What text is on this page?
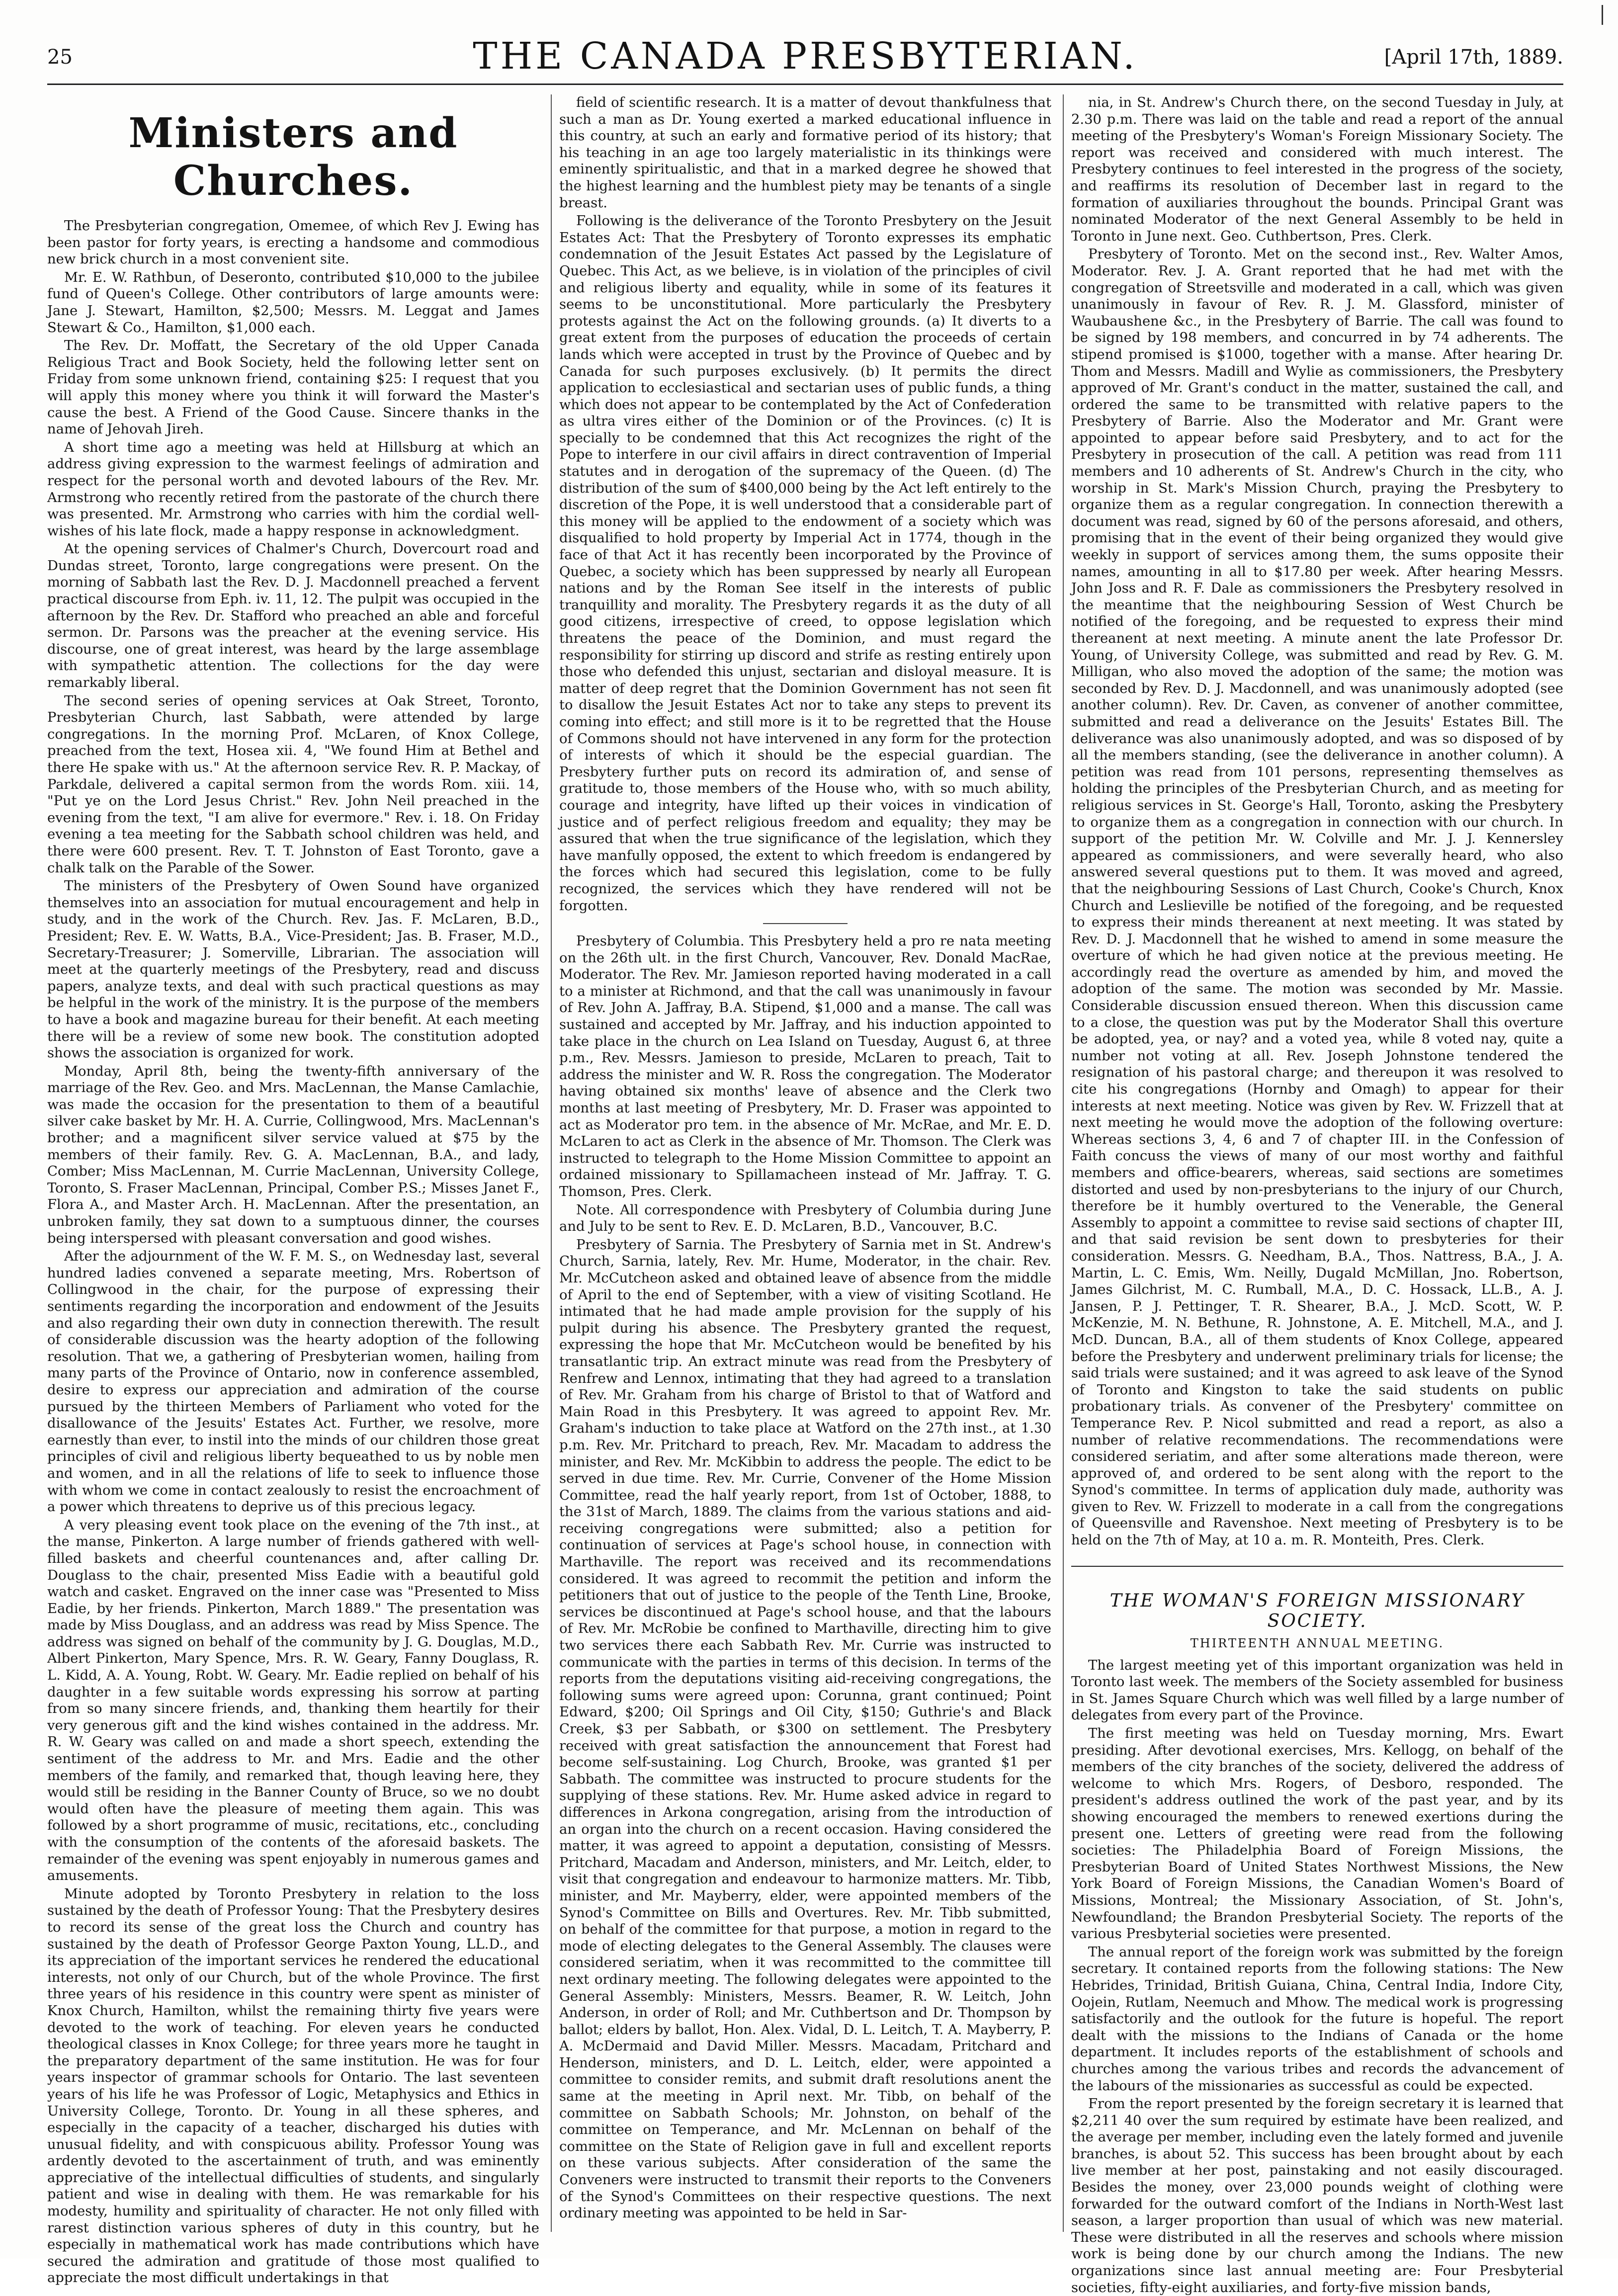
25	THE CANADA PRESBYTERIAN.	[April 17th, 1889.
Ministers and Churches.

The Presbyterian congregation, Omemee, of which Rev J. Ewing has been pastor for forty years, is erecting a handsome and commodious new brick church in a most convenient site.

Mr. E. W. Rathbun, of Deseronto, contributed $10,000 to the jubilee fund of Queen's College. Other contributors of large amounts were: Jane J. Stewart, Hamilton, $2,500; Messrs. M. Leggat and James Stewart & Co., Hamilton, $1,000 each.

The Rev. Dr. Moffatt, the Secretary of the old Upper Canada Religious Tract and Book Society, held the following letter sent on Friday from some unknown friend, containing $25: I request that you will apply this money where you think it will forward the Master's cause the best. A Friend of the Good Cause. Sincere thanks in the name of Jehovah Jireh.

A short time ago a meeting was held at Hillsburg at which an address giving expression to the warmest feelings of admiration and respect for the personal worth and devoted labours of the Rev. Mr. Armstrong who recently retired from the pastorate of the church there was presented. Mr. Armstrong who carries with him the cordial well-wishes of his late flock, made a happy response in acknowledgment.

At the opening services of Chalmer's Church, Dovercourt road and Dundas street, Toronto, large congregations were present. On the morning of Sabbath last the Rev. D. J. Macdonnell preached a fervent practical discourse from Eph. iv. 11, 12. The pulpit was occupied in the afternoon by the Rev. Dr. Stafford who preached an able and forceful sermon. Dr. Parsons was the preacher at the evening service. His discourse, one of great interest, was heard by the large assemblage with sympathetic attention. The collections for the day were remarkably liberal.

The second series of opening services at Oak Street, Toronto, Presbyterian Church, last Sabbath, were attended by large congregations. In the morning Prof. McLaren, of Knox College, preached from the text, Hosea xii. 4, "We found Him at Bethel and there He spake with us." At the afternoon service Rev. R. P. Mackay, of Parkdale, delivered a capital sermon from the words Rom. xiii. 14, "Put ye on the Lord Jesus Christ." Rev. John Neil preached in the evening from the text, "I am alive for evermore." Rev. i. 18. On Friday evening a tea meeting for the Sabbath school children was held, and there were 600 present. Rev. T. T. Johnston of East Toronto, gave a chalk talk on the Parable of the Sower.

The ministers of the Presbytery of Owen Sound have organized themselves into an association for mutual encouragement and help in study, and in the work of the Church. Rev. Jas. F. McLaren, B.D., President; Rev. E. W. Watts, B.A., Vice-President; Jas. B. Fraser, M.D., Secretary-Treasurer; J. Somerville, Librarian. The association will meet at the quarterly meetings of the Presbytery, read and discuss papers, analyze texts, and deal with such practical questions as may be helpful in the work of the ministry. It is the purpose of the members to have a book and magazine bureau for their benefit. At each meeting there will be a review of some new book. The constitution adopted shows the association is organized for work.

Monday, April 8th, being the twenty-fifth anniversary of the marriage of the Rev. Geo. and Mrs. MacLennan, the Manse Camlachie, was made the occasion for the presentation to them of a beautiful silver cake basket by Mr. H. A. Currie, Collingwood, Mrs. MacLennan's brother; and a magnificent silver service valued at $75 by the members of their family. Rev. G. A. MacLennan, B.A., and lady, Comber; Miss MacLennan, M. Currie MacLennan, University College, Toronto, S. Fraser MacLennan, Principal, Comber P.S.; Misses Janet F., Flora A., and Master Arch. H. MacLennan. After the presentation, an unbroken family, they sat down to a sumptuous dinner, the courses being interspersed with pleasant conversation and good wishes.

After the adjournment of the W. F. M. S., on Wednesday last, several hundred ladies convened a separate meeting, Mrs. Robertson of Collingwood in the chair, for the purpose of expressing their sentiments regarding the incorporation and endowment of the Jesuits and also regarding their own duty in connection therewith. The result of considerable discussion was the hearty adoption of the following resolution. That we, a gathering of Presbyterian women, hailing from many parts of the Province of Ontario, now in conference assembled, desire to express our appreciation and admiration of the course pursued by the thirteen Members of Parliament who voted for the disallowance of the Jesuits' Estates Act. Further, we resolve, more earnestly than ever, to instil into the minds of our children those great principles of civil and religious liberty bequeathed to us by noble men and women, and in all the relations of life to seek to influence those with whom we come in contact zealously to resist the encroachment of a power which threatens to deprive us of this precious legacy.

A very pleasing event took place on the evening of the 7th inst., at the manse, Pinkerton. A large number of friends gathered with well-filled baskets and cheerful countenances and, after calling Dr. Douglass to the chair, presented Miss Eadie with a beautiful gold watch and casket. Engraved on the inner case was "Presented to Miss Eadie, by her friends. Pinkerton, March 1889." The presentation was made by Miss Douglass, and an address was read by Miss Spence. The address was signed on behalf of the community by J. G. Douglas, M.D., Albert Pinkerton, Mary Spence, Mrs. R. W. Geary, Fanny Douglass, R. L. Kidd, A. A. Young, Robt. W. Geary. Mr. Eadie replied on behalf of his daughter in a few suitable words expressing his sorrow at parting from so many sincere friends, and, thanking them heartily for their very generous gift and the kind wishes contained in the address. Mr. R. W. Geary was called on and made a short speech, extending the sentiment of the address to Mr. and Mrs. Eadie and the other members of the family, and remarked that, though leaving here, they would still be residing in the Banner County of Bruce, so we no doubt would often have the pleasure of meeting them again. This was followed by a short programme of music, recitations, etc., concluding with the consumption of the contents of the aforesaid baskets. The remainder of the evening was spent enjoyably in numerous games and amusements.

Minute adopted by Toronto Presbytery in relation to the loss sustained by the death of Professor Young: That the Presbytery desires to record its sense of the great loss the Church and country has sustained by the death of Professor George Paxton Young, LL.D., and its appreciation of the important services he rendered the educational interests, not only of our Church, but of the whole Province. The first three years of his residence in this country were spent as minister of Knox Church, Hamilton, whilst the remaining thirty five years were devoted to the work of teaching. For eleven years he conducted theological classes in Knox College; for three years more he taught in the preparatory department of the same institution. He was for four years inspector of grammar schools for Ontario. The last seventeen years of his life he was Professor of Logic, Metaphysics and Ethics in University College, Toronto. Dr. Young in all these spheres, and especially in the capacity of a teacher, discharged his duties with unusual fidelity, and with conspicuous ability. Professor Young was ardently devoted to the ascertainment of truth, and was eminently appreciative of the intellectual difficulties of students, and singularly patient and wise in dealing with them. He was remarkable for his modesty, humility and spirituality of character. He not only filled with rarest distinction various spheres of duty in this country, but he especially in mathematical work has made contributions which have secured the admiration and gratitude of those most qualified to appreciate the most difficult undertakings in that

field of scientific research. It is a matter of devout thankfulness that such a man as Dr. Young exerted a marked educational influence in this country, at such an early and formative period of its history; that his teaching in an age too largely materialistic in its thinkings were eminently spiritualistic, and that in a marked degree he showed that the highest learning and the humblest piety may be tenants of a single breast.

Following is the deliverance of the Toronto Presbytery on the Jesuit Estates Act: That the Presbytery of Toronto expresses its emphatic condemnation of the Jesuit Estates Act passed by the Legislature of Quebec. This Act, as we believe, is in violation of the principles of civil and religious liberty and equality, while in some of its features it seems to be unconstitutional. More particularly the Presbytery protests against the Act on the following grounds. (a) It diverts to a great extent from the purposes of education the proceeds of certain lands which were accepted in trust by the Province of Quebec and by Canada for such purposes exclusively. (b) It permits the direct application to ecclesiastical and sectarian uses of public funds, a thing which does not appear to be contemplated by the Act of Confederation as ultra vires either of the Dominion or of the Provinces. (c) It is specially to be condemned that this Act recognizes the right of the Pope to interfere in our civil affairs in direct contravention of Imperial statutes and in derogation of the supremacy of the Queen. (d) The distribution of the sum of $400,000 being by the Act left entirely to the discretion of the Pope, it is well understood that a considerable part of this money will be applied to the endowment of a society which was disqualified to hold property by Imperial Act in 1774, though in the face of that Act it has recently been incorporated by the Province of Quebec, a society which has been suppressed by nearly all European nations and by the Roman See itself in the interests of public tranquillity and morality. The Presbytery regards it as the duty of all good citizens, irrespective of creed, to oppose legislation which threatens the peace of the Dominion, and must regard the responsibility for stirring up discord and strife as resting entirely upon those who defended this unjust, sectarian and disloyal measure. It is matter of deep regret that the Dominion Government has not seen fit to disallow the Jesuit Estates Act nor to take any steps to prevent its coming into effect; and still more is it to be regretted that the House of Commons should not have intervened in any form for the protection of interests of which it should be the especial guardian. The Presbytery further puts on record its admiration of, and sense of gratitude to, those members of the House who, with so much ability, courage and integrity, have lifted up their voices in vindication of justice and of perfect religious freedom and equality; they may be assured that when the true significance of the legislation, which they have manfully opposed, the extent to which freedom is endangered by the forces which had secured this legislation, come to be fully recognized, the services which they have rendered will not be forgotten.

Presbytery of Columbia. This Presbytery held a pro re nata meeting on the 26th ult. in the first Church, Vancouver, Rev. Donald MacRae, Moderator. The Rev. Mr. Jamieson reported having moderated in a call to a minister at Richmond, and that the call was unanimously in favour of Rev. John A. Jaffray, B.A. Stipend, $1,000 and a manse. The call was sustained and accepted by Mr. Jaffray, and his induction appointed to take place in the church on Lea Island on Tuesday, August 6, at three p.m., Rev. Messrs. Jamieson to preside, McLaren to preach, Tait to address the minister and W. R. Ross the congregation. The Moderator having obtained six months' leave of absence and the Clerk two months at last meeting of Presbytery, Mr. D. Fraser was appointed to act as Moderator pro tem. in the absence of Mr. McRae, and Mr. E. D. McLaren to act as Clerk in the absence of Mr. Thomson. The Clerk was instructed to telegraph to the Home Mission Committee to appoint an ordained missionary to Spillamacheen instead of Mr. Jaffray. T. G. Thomson, Pres. Clerk.

Note. All correspondence with Presbytery of Columbia during June and July to be sent to Rev. E. D. McLaren, B.D., Vancouver, B.C.

Presbytery of Sarnia. The Presbytery of Sarnia met in St. Andrew's Church, Sarnia, lately, Rev. Mr. Hume, Moderator, in the chair. Rev. Mr. McCutcheon asked and obtained leave of absence from the middle of April to the end of September, with a view of visiting Scotland. He intimated that he had made ample provision for the supply of his pulpit during his absence. The Presbytery granted the request, expressing the hope that Mr. McCutcheon would be benefited by his transatlantic trip. An extract minute was read from the Presbytery of Renfrew and Lennox, intimating that they had agreed to a translation of Rev. Mr. Graham from his charge of Bristol to that of Watford and Main Road in this Presbytery. It was agreed to appoint Rev. Mr. Graham's induction to take place at Watford on the 27th inst., at 1.30 p.m. Rev. Mr. Pritchard to preach, Rev. Mr. Macadam to address the minister, and Rev. Mr. McKibbin to address the people. The edict to be served in due time. Rev. Mr. Currie, Convener of the Home Mission Committee, read the half yearly report, from 1st of October, 1888, to the 31st of March, 1889. The claims from the various stations and aid-receiving congregations were submitted; also a petition for continuation of services at Page's school house, in connection with Marthaville. The report was received and its recommendations considered. It was agreed to recommit the petition and inform the petitioners that out of justice to the people of the Tenth Line, Brooke, services be discontinued at Page's school house, and that the labours of Rev. Mr. McRobie be confined to Marthaville, directing him to give two services there each Sabbath Rev. Mr. Currie was instructed to communicate with the parties in terms of this decision. In terms of the reports from the deputations visiting aid-receiving congregations, the following sums were agreed upon: Corunna, grant continued; Point Edward, $200; Oil Springs and Oil City, $150; Guthrie's and Black Creek, $3 per Sabbath, or $300 on settlement. The Presbytery received with great satisfaction the announcement that Forest had become self-sustaining. Log Church, Brooke, was granted $1 per Sabbath. The committee was instructed to procure students for the supplying of these stations. Rev. Mr. Hume asked advice in regard to differences in Arkona congregation, arising from the introduction of an organ into the church on a recent occasion. Having considered the matter, it was agreed to appoint a deputation, consisting of Messrs. Pritchard, Macadam and Anderson, ministers, and Mr. Leitch, elder, to visit that congregation and endeavour to harmonize matters. Mr. Tibb, minister, and Mr. Mayberry, elder, were appointed members of the Synod's Committee on Bills and Overtures. Rev. Mr. Tibb submitted, on behalf of the committee for that purpose, a motion in regard to the mode of electing delegates to the General Assembly. The clauses were considered seriatim, when it was recommitted to the committee till next ordinary meeting. The following delegates were appointed to the General Assembly: Ministers, Messrs. Beamer, R. W. Leitch, John Anderson, in order of Roll; and Mr. Cuthbertson and Dr. Thompson by ballot; elders by ballot, Hon. Alex. Vidal, D. L. Leitch, T. A. Mayberry, P. A. McDermaid and David Miller. Messrs. Macadam, Pritchard and Henderson, ministers, and D. L. Leitch, elder, were appointed a committee to consider remits, and submit draft resolutions anent the same at the meeting in April next. Mr. Tibb, on behalf of the committee on Sabbath Schools; Mr. Johnston, on behalf of the committee on Temperance, and Mr. McLennan on behalf of the committee on the State of Religion gave in full and excellent reports on these various subjects. After consideration of the same the Conveners were instructed to transmit their reports to the Conveners of the Synod's Committees on their respective questions. The next ordinary meeting was appointed to be held in Sar-

nia, in St. Andrew's Church there, on the second Tuesday in July, at 2.30 p.m. There was laid on the table and read a report of the annual meeting of the Presbytery's Woman's Foreign Missionary Society. The report was received and considered with much interest. The Presbytery continues to feel interested in the progress of the society, and reaffirms its resolution of December last in regard to the formation of auxiliaries throughout the bounds. Principal Grant was nominated Moderator of the next General Assembly to be held in Toronto in June next. Geo. Cuthbertson, Pres. Clerk.

Presbytery of Toronto. Met on the second inst., Rev. Walter Amos, Moderator. Rev. J. A. Grant reported that he had met with the congregation of Streetsville and moderated in a call, which was given unanimously in favour of Rev. R. J. M. Glassford, minister of Waubaushene &c., in the Presbytery of Barrie. The call was found to be signed by 198 members, and concurred in by 74 adherents. The stipend promised is $1000, together with a manse. After hearing Dr. Thom and Messrs. Madill and Wylie as commissioners, the Presbytery approved of Mr. Grant's conduct in the matter, sustained the call, and ordered the same to be transmitted with relative papers to the Presbytery of Barrie. Also the Moderator and Mr. Grant were appointed to appear before said Presbytery, and to act for the Presbytery in prosecution of the call. A petition was read from 111 members and 10 adherents of St. Andrew's Church in the city, who worship in St. Mark's Mission Church, praying the Presbytery to organize them as a regular congregation. In connection therewith a document was read, signed by 60 of the persons aforesaid, and others, promising that in the event of their being organized they would give weekly in support of services among them, the sums opposite their names, amounting in all to $17.80 per week. After hearing Messrs. John Joss and R. F. Dale as commissioners the Presbytery resolved in the meantime that the neighbouring Session of West Church be notified of the foregoing, and be requested to express their mind thereanent at next meeting. A minute anent the late Professor Dr. Young, of University College, was submitted and read by Rev. G. M. Milligan, who also moved the adoption of the same; the motion was seconded by Rev. D. J. Macdonnell, and was unanimously adopted (see another column). Rev. Dr. Caven, as convener of another committee, submitted and read a deliverance on the Jesuits' Estates Bill. The deliverance was also unanimously adopted, and was so disposed of by all the members standing, (see the deliverance in another column). A petition was read from 101 persons, representing themselves as holding the principles of the Presbyterian Church, and as meeting for religious services in St. George's Hall, Toronto, asking the Presbytery to organize them as a congregation in connection with our church. In support of the petition Mr. W. Colville and Mr. J. J. Kennersley appeared as commissioners, and were severally heard, who also answered several questions put to them. It was moved and agreed, that the neighbouring Sessions of Last Church, Cooke's Church, Knox Church and Leslieville be notified of the foregoing, and be requested to express their minds thereanent at next meeting. It was stated by Rev. D. J. Macdonnell that he wished to amend in some measure the overture of which he had given notice at the previous meeting. He accordingly read the overture as amended by him, and moved the adoption of the same. The motion was seconded by Mr. Massie. Considerable discussion ensued thereon. When this discussion came to a close, the question was put by the Moderator Shall this overture be adopted, yea, or nay? and a voted yea, while 8 voted nay, quite a number not voting at all. Rev. Joseph Johnstone tendered the resignation of his pastoral charge; and thereupon it was resolved to cite his congregations (Hornby and Omagh) to appear for their interests at next meeting. Notice was given by Rev. W. Frizzell that at next meeting he would move the adoption of the following overture: Whereas sections 3, 4, 6 and 7 of chapter III. in the Confession of Faith concuss the views of many of our most worthy and faithful members and office-bearers, whereas, said sections are sometimes distorted and used by non-presbyterians to the injury of our Church, therefore be it humbly overtured to the Venerable, the General Assembly to appoint a committee to revise said sections of chapter III, and that said revision be sent down to presbyteries for their consideration. Messrs. G. Needham, B.A., Thos. Nattress, B.A., J. A. Martin, L. C. Emis, Wm. Neilly, Dugald McMillan, Jno. Robertson, James Gilchrist, M. C. Rumball, M.A., D. C. Hossack, LL.B., A. J. Jansen, P. J. Pettinger, T. R. Shearer, B.A., J. McD. Scott, W. P. McKenzie, M. N. Bethune, R. Johnstone, A. E. Mitchell, M.A., and J. McD. Duncan, B.A., all of them students of Knox College, appeared before the Presbytery and underwent preliminary trials for license; the said trials were sustained; and it was agreed to ask leave of the Synod of Toronto and Kingston to take the said students on public probationary trials. As convener of the Presbytery' committee on Temperance Rev. P. Nicol submitted and read a report, as also a number of relative recommendations. The recommendations were considered seriatim, and after some alterations made thereon, were approved of, and ordered to be sent along with the report to the Synod's committee. In terms of application duly made, authority was given to Rev. W. Frizzell to moderate in a call from the congregations of Queensville and Ravenshoe. Next meeting of Presbytery is to be held on the 7th of May, at 10 a. m. R. Monteith, Pres. Clerk.

THE WOMAN'S FOREIGN MISSIONARY SOCIETY.
THIRTEENTH ANNUAL MEETING.

The largest meeting yet of this important organization was held in Toronto last week. The members of the Society assembled for business in St. James Square Church which was well filled by a large number of delegates from every part of the Province.

The first meeting was held on Tuesday morning, Mrs. Ewart presiding. After devotional exercises, Mrs. Kellogg, on behalf of the members of the city branches of the society, delivered the address of welcome to which Mrs. Rogers, of Desboro, responded. The president's address outlined the work of the past year, and by its showing encouraged the members to renewed exertions during the present one. Letters of greeting were read from the following societies: The Philadelphia Board of Foreign Missions, the Presbyterian Board of United States Northwest Missions, the New York Board of Foreign Missions, the Canadian Women's Board of Missions, Montreal; the Missionary Association, of St. John's, Newfoundland; the Brandon Presbyterial Society. The reports of the various Presbyterial societies were presented.

The annual report of the foreign work was submitted by the foreign secretary. It contained reports from the following stations: The New Hebrides, Trinidad, British Guiana, China, Central India, Indore City, Oojein, Rutlam, Neemuch and Mhow. The medical work is progressing satisfactorily and the outlook for the future is hopeful. The report dealt with the missions to the Indians of Canada or the home department. It includes reports of the establishment of schools and churches among the various tribes and records the advancement of the labours of the missionaries as successful as could be expected.

From the report presented by the foreign secretary it is learned that $2,211 40 over the sum required by estimate have been realized, and the average per member, including even the lately formed and juvenile branches, is about 52. This success has been brought about by each live member at her post, painstaking and not easily discouraged. Besides the money, over 23,000 pounds weight of clothing were forwarded for the outward comfort of the Indians in North-West last season, a larger proportion than usual of which was new material. These were distributed in all the reserves and schools where mission work is being done by our church among the Indians. The new organizations since last annual meeting are: Four Presbyterial societies, fifty-eight auxiliaries, and forty-five mission bands,
